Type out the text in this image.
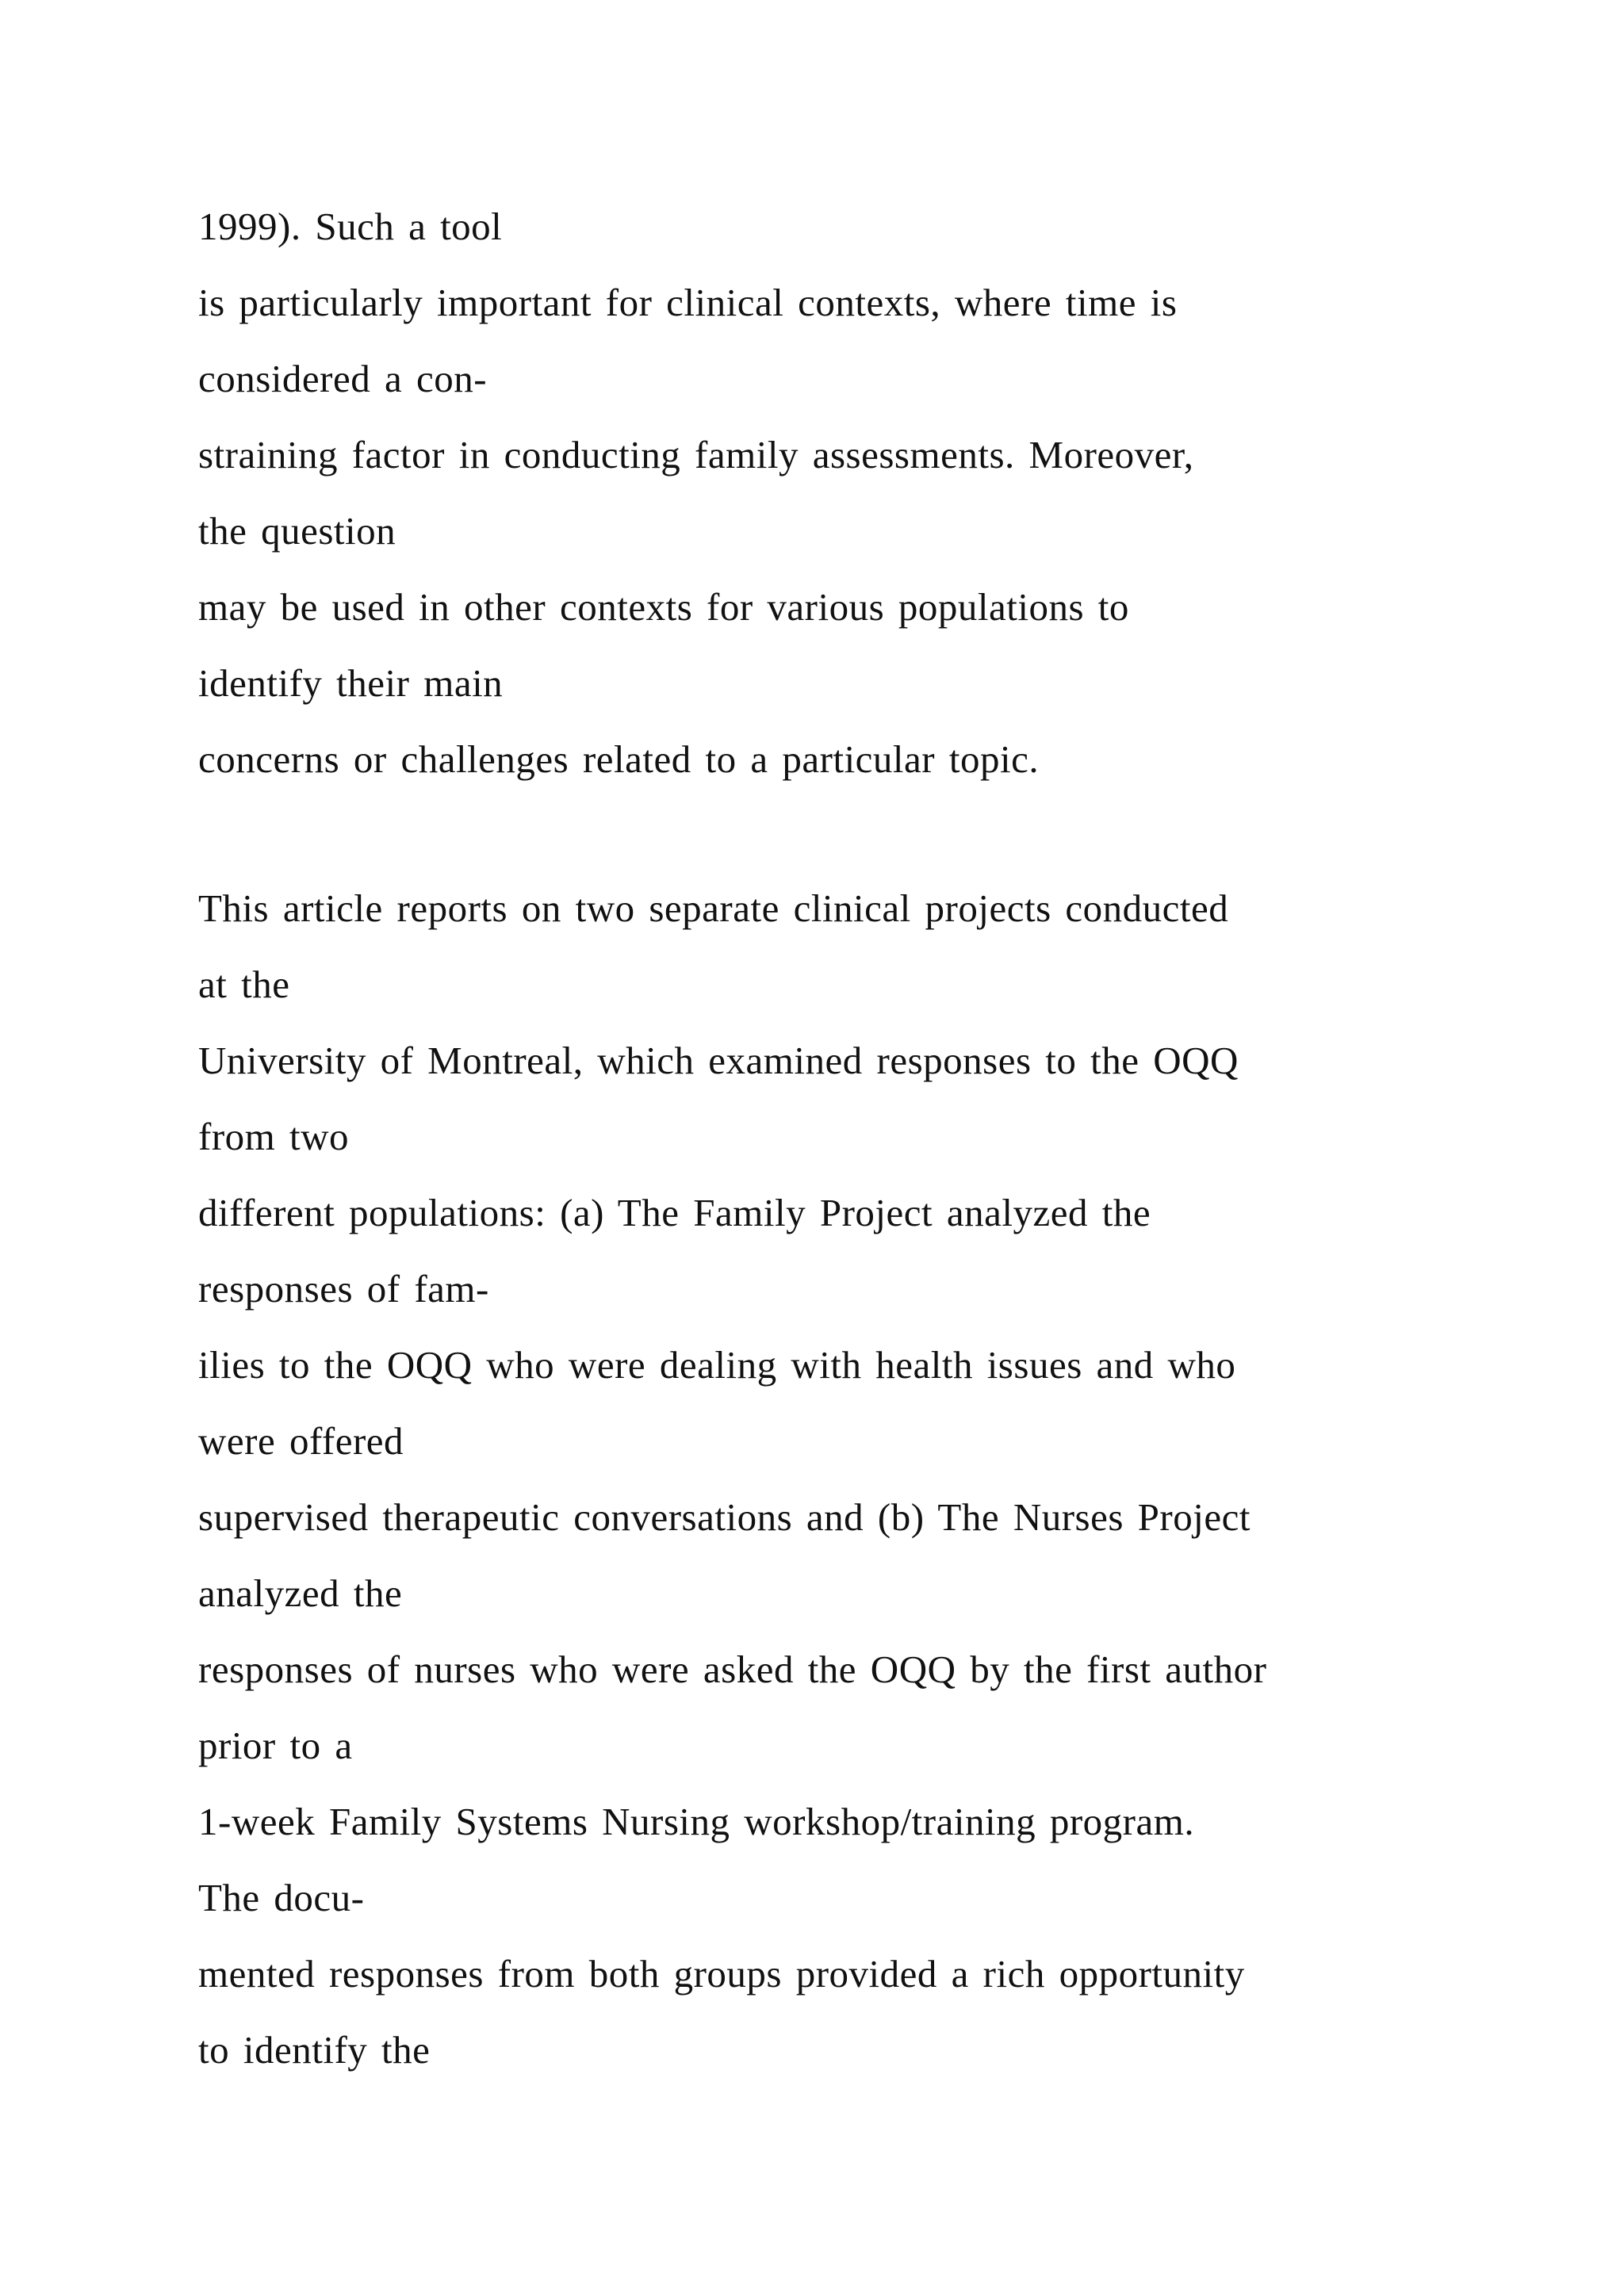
1999). Such a tool
is particularly important for clinical contexts, where time is
considered a con-
straining factor in conducting family assessments. Moreover,
the question
may be used in other contexts for various populations to
identify their main
concerns or challenges related to a particular topic.
This article reports on two separate clinical projects conducted
at the
University of Montreal, which examined responses to the OQQ
from two
different populations: (a) The Family Project analyzed the
responses of fam-
ilies to the OQQ who were dealing with health issues and who
were offered
supervised therapeutic conversations and (b) The Nurses Project
analyzed the
responses of nurses who were asked the OQQ by the first author
prior to a
1-week Family Systems Nursing workshop/training program.
The docu-
mented responses from both groups provided a rich opportunity
to identify the
